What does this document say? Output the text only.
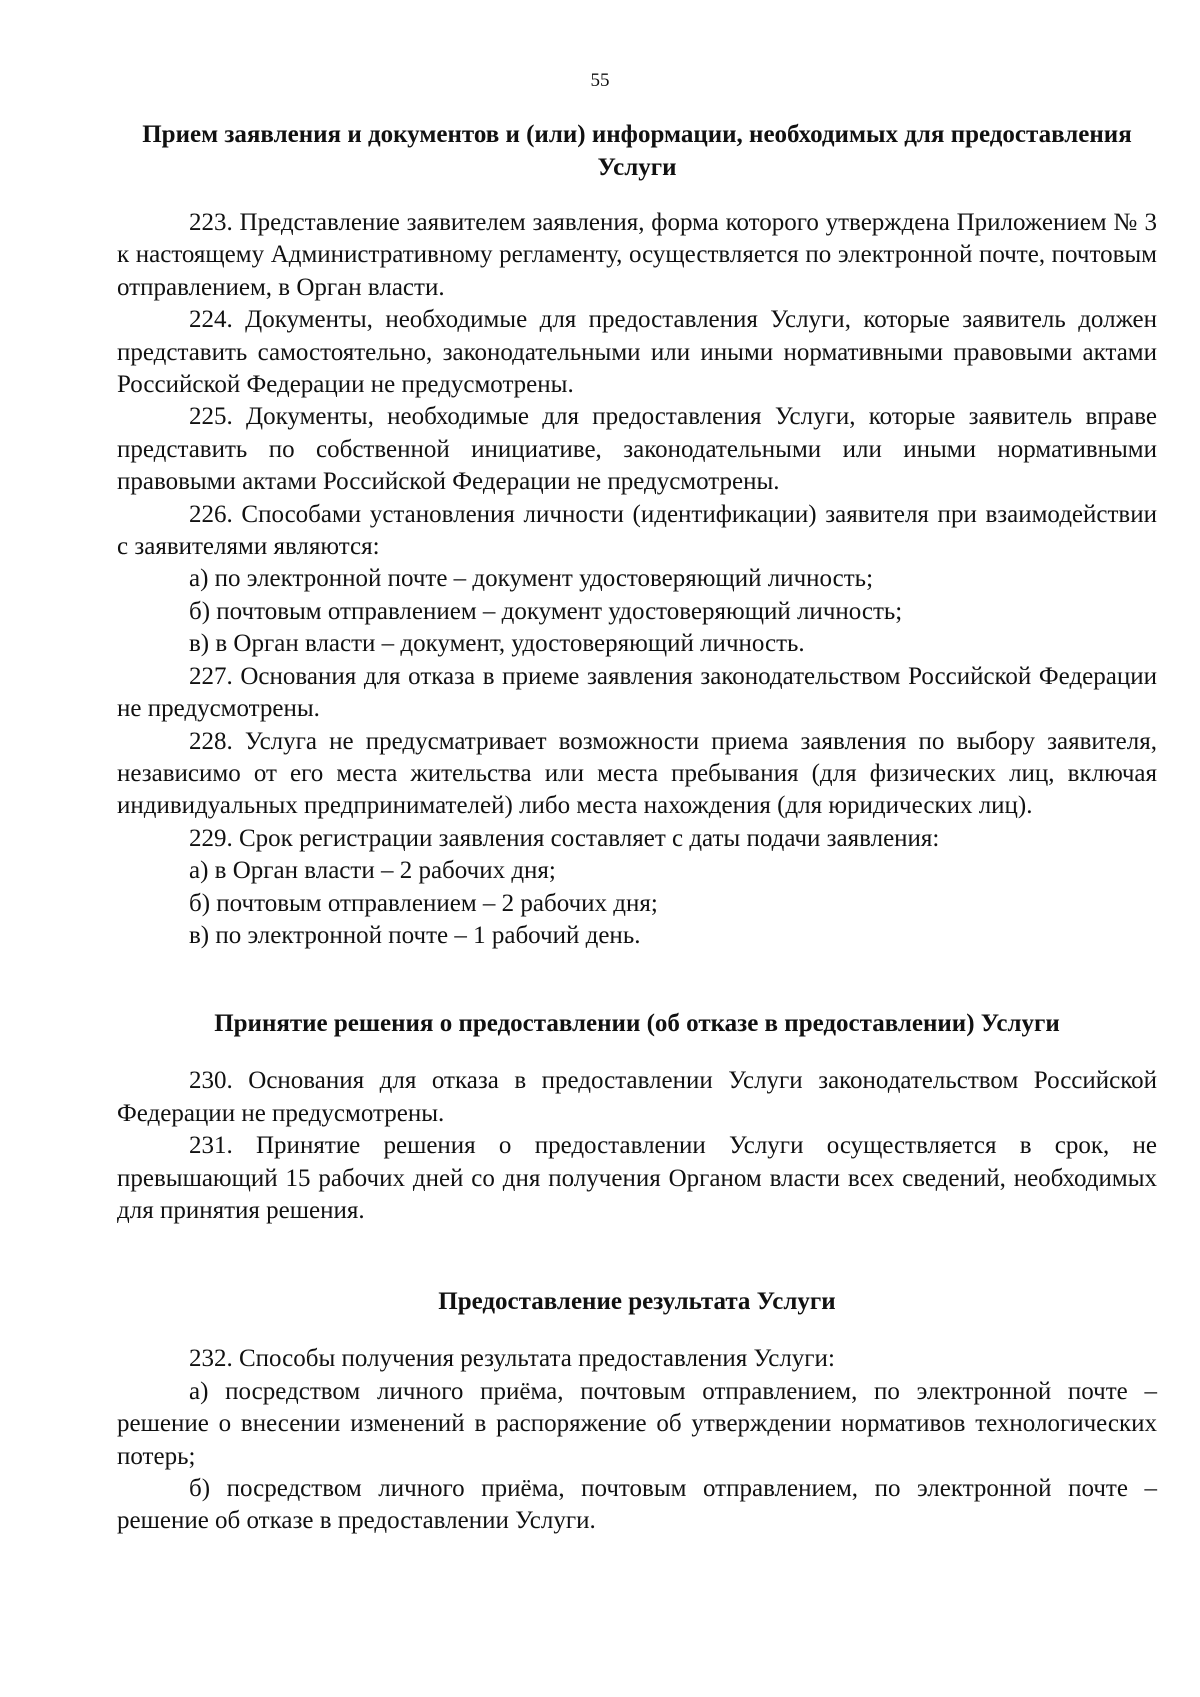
55
Прием заявления и документов и (или) информации, необходимых для предоставления Услуги

223. Представление заявителем заявления, форма которого утверждена Приложением № 3 к настоящему Административному регламенту, осуществляется по электронной почте, почтовым отправлением, в Орган власти.

224. Документы, необходимые для предоставления Услуги, которые заявитель должен представить самостоятельно, законодательными или иными нормативными правовыми актами Российской Федерации не предусмотрены.

225. Документы, необходимые для предоставления Услуги, которые заявитель вправе представить по собственной инициативе, законодательными или иными нормативными правовыми актами Российской Федерации не предусмотрены.

226. Способами установления личности (идентификации) заявителя при взаимодействии с заявителями являются:

а) по электронной почте – документ удостоверяющий личность;

б) почтовым отправлением – документ удостоверяющий личность;

в) в Орган власти – документ, удостоверяющий личность.

227. Основания для отказа в приеме заявления законодательством Российской Федерации не предусмотрены.

228. Услуга не предусматривает возможности приема заявления по выбору заявителя, независимо от его места жительства или места пребывания (для физических лиц, включая индивидуальных предпринимателей) либо места нахождения (для юридических лиц).

229. Срок регистрации заявления составляет с даты подачи заявления:

а) в Орган власти – 2 рабочих дня;

б) почтовым отправлением – 2 рабочих дня;

в) по электронной почте – 1 рабочий день.

Принятие решения о предоставлении (об отказе в предоставлении) Услуги

230. Основания для отказа в предоставлении Услуги законодательством Российской Федерации не предусмотрены.

231. Принятие решения о предоставлении Услуги осуществляется в срок, не превышающий 15 рабочих дней со дня получения Органом власти всех сведений, необходимых для принятия решения.

Предоставление результата Услуги

232. Способы получения результата предоставления Услуги:

а) посредством личного приёма, почтовым отправлением, по электронной почте – решение о внесении изменений в распоряжение об утверждении нормативов технологических потерь;

б) посредством личного приёма, почтовым отправлением, по электронной почте – решение об отказе в предоставлении Услуги.
